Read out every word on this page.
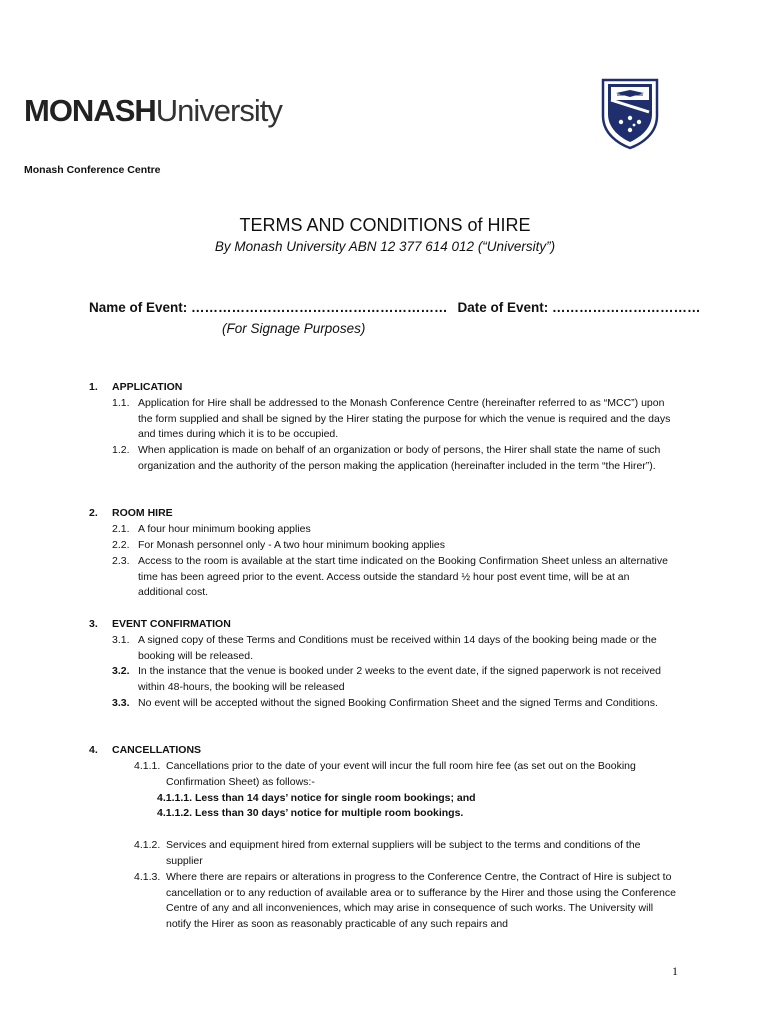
MONASHUniversity
Monash Conference Centre
TERMS AND CONDITIONS of HIRE
By Monash University ABN 12 377 614 012 (“University”)
Name of Event: ………………………………………………… Date of Event: ……………………………
(For Signage Purposes)
1. APPLICATION
1.1. Application for Hire shall be addressed to the Monash Conference Centre (hereinafter referred to as “MCC”) upon the form supplied and shall be signed by the Hirer stating the purpose for which the venue is required and the days and times during which it is to be occupied.
1.2. When application is made on behalf of an organization or body of persons, the Hirer shall state the name of such organization and the authority of the person making the application (hereinafter included in the term “the Hirer”).
2. ROOM HIRE
2.1. A four hour minimum booking applies
2.2. For Monash personnel only - A two hour minimum booking applies
2.3. Access to the room is available at the start time indicated on the Booking Confirmation Sheet unless an alternative time has been agreed prior to the event. Access outside the standard ½ hour post event time, will be at an additional cost.
3. EVENT CONFIRMATION
3.1. A signed copy of these Terms and Conditions must be received within 14 days of the booking being made or the booking will be released.
3.2. In the instance that the venue is booked under 2 weeks to the event date, if the signed paperwork is not received within 48-hours, the booking will be released
3.3. No event will be accepted without the signed Booking Confirmation Sheet and the signed Terms and Conditions.
4. CANCELLATIONS
4.1.1. Cancellations prior to the date of your event will incur the full room hire fee (as set out on the Booking Confirmation Sheet) as follows:-
4.1.1.1. Less than 14 days’ notice for single room bookings; and
4.1.1.2. Less than 30 days’ notice for multiple room bookings.
4.1.2. Services and equipment hired from external suppliers will be subject to the terms and conditions of the supplier
4.1.3. Where there are repairs or alterations in progress to the Conference Centre, the Contract of Hire is subject to cancellation or to any reduction of available area or to sufferance by the Hirer and those using the Conference Centre of any and all inconveniences, which may arise in consequence of such works. The University will notify the Hirer as soon as reasonably practicable of any such repairs and
1
